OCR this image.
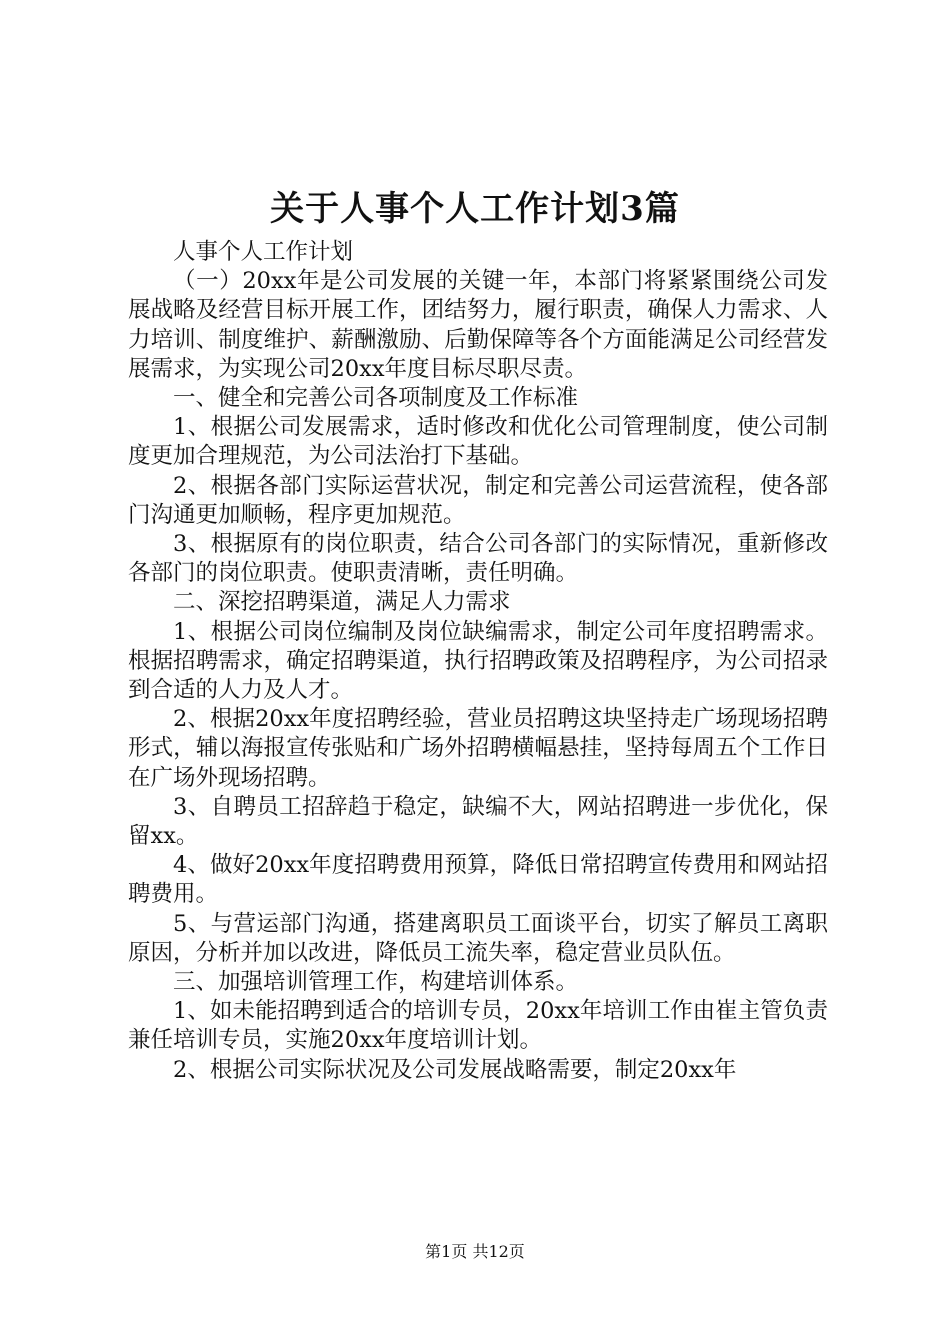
关于人事个人工作计划3篇

人事个人工作计划

（一）20xx年是公司发展的关键一年，本部门将紧紧围绕公司发展战略及经营目标开展工作，团结努力，履行职责，确保人力需求、人力培训、制度维护、薪酬激励、后勤保障等各个方面能满足公司经营发展需求，为实现公司20xx年度目标尽职尽责。

一、健全和完善公司各项制度及工作标准

1、根据公司发展需求，适时修改和优化公司管理制度，使公司制度更加合理规范，为公司法治打下基础。

2、根据各部门实际运营状况，制定和完善公司运营流程，使各部门沟通更加顺畅，程序更加规范。

3、根据原有的岗位职责，结合公司各部门的实际情况，重新修改各部门的岗位职责。使职责清晰，责任明确。

二、深挖招聘渠道，满足人力需求

1、根据公司岗位编制及岗位缺编需求，制定公司年度招聘需求。根据招聘需求，确定招聘渠道，执行招聘政策及招聘程序，为公司招录到合适的人力及人才。

2、根据20xx年度招聘经验，营业员招聘这块坚持走广场现场招聘形式，辅以海报宣传张贴和广场外招聘横幅悬挂，坚持每周五个工作日在广场外现场招聘。

3、自聘员工招辞趋于稳定，缺编不大，网站招聘进一步优化，保留xx。

4、做好20xx年度招聘费用预算，降低日常招聘宣传费用和网站招聘费用。

5、与营运部门沟通，搭建离职员工面谈平台，切实了解员工离职原因，分析并加以改进，降低员工流失率，稳定营业员队伍。

三、加强培训管理工作，构建培训体系。

1、如未能招聘到适合的培训专员，20xx年培训工作由崔主管负责兼任培训专员，实施20xx年度培训计划。

2、根据公司实际状况及公司发展战略需要，制定20xx年

第1页 共12页
